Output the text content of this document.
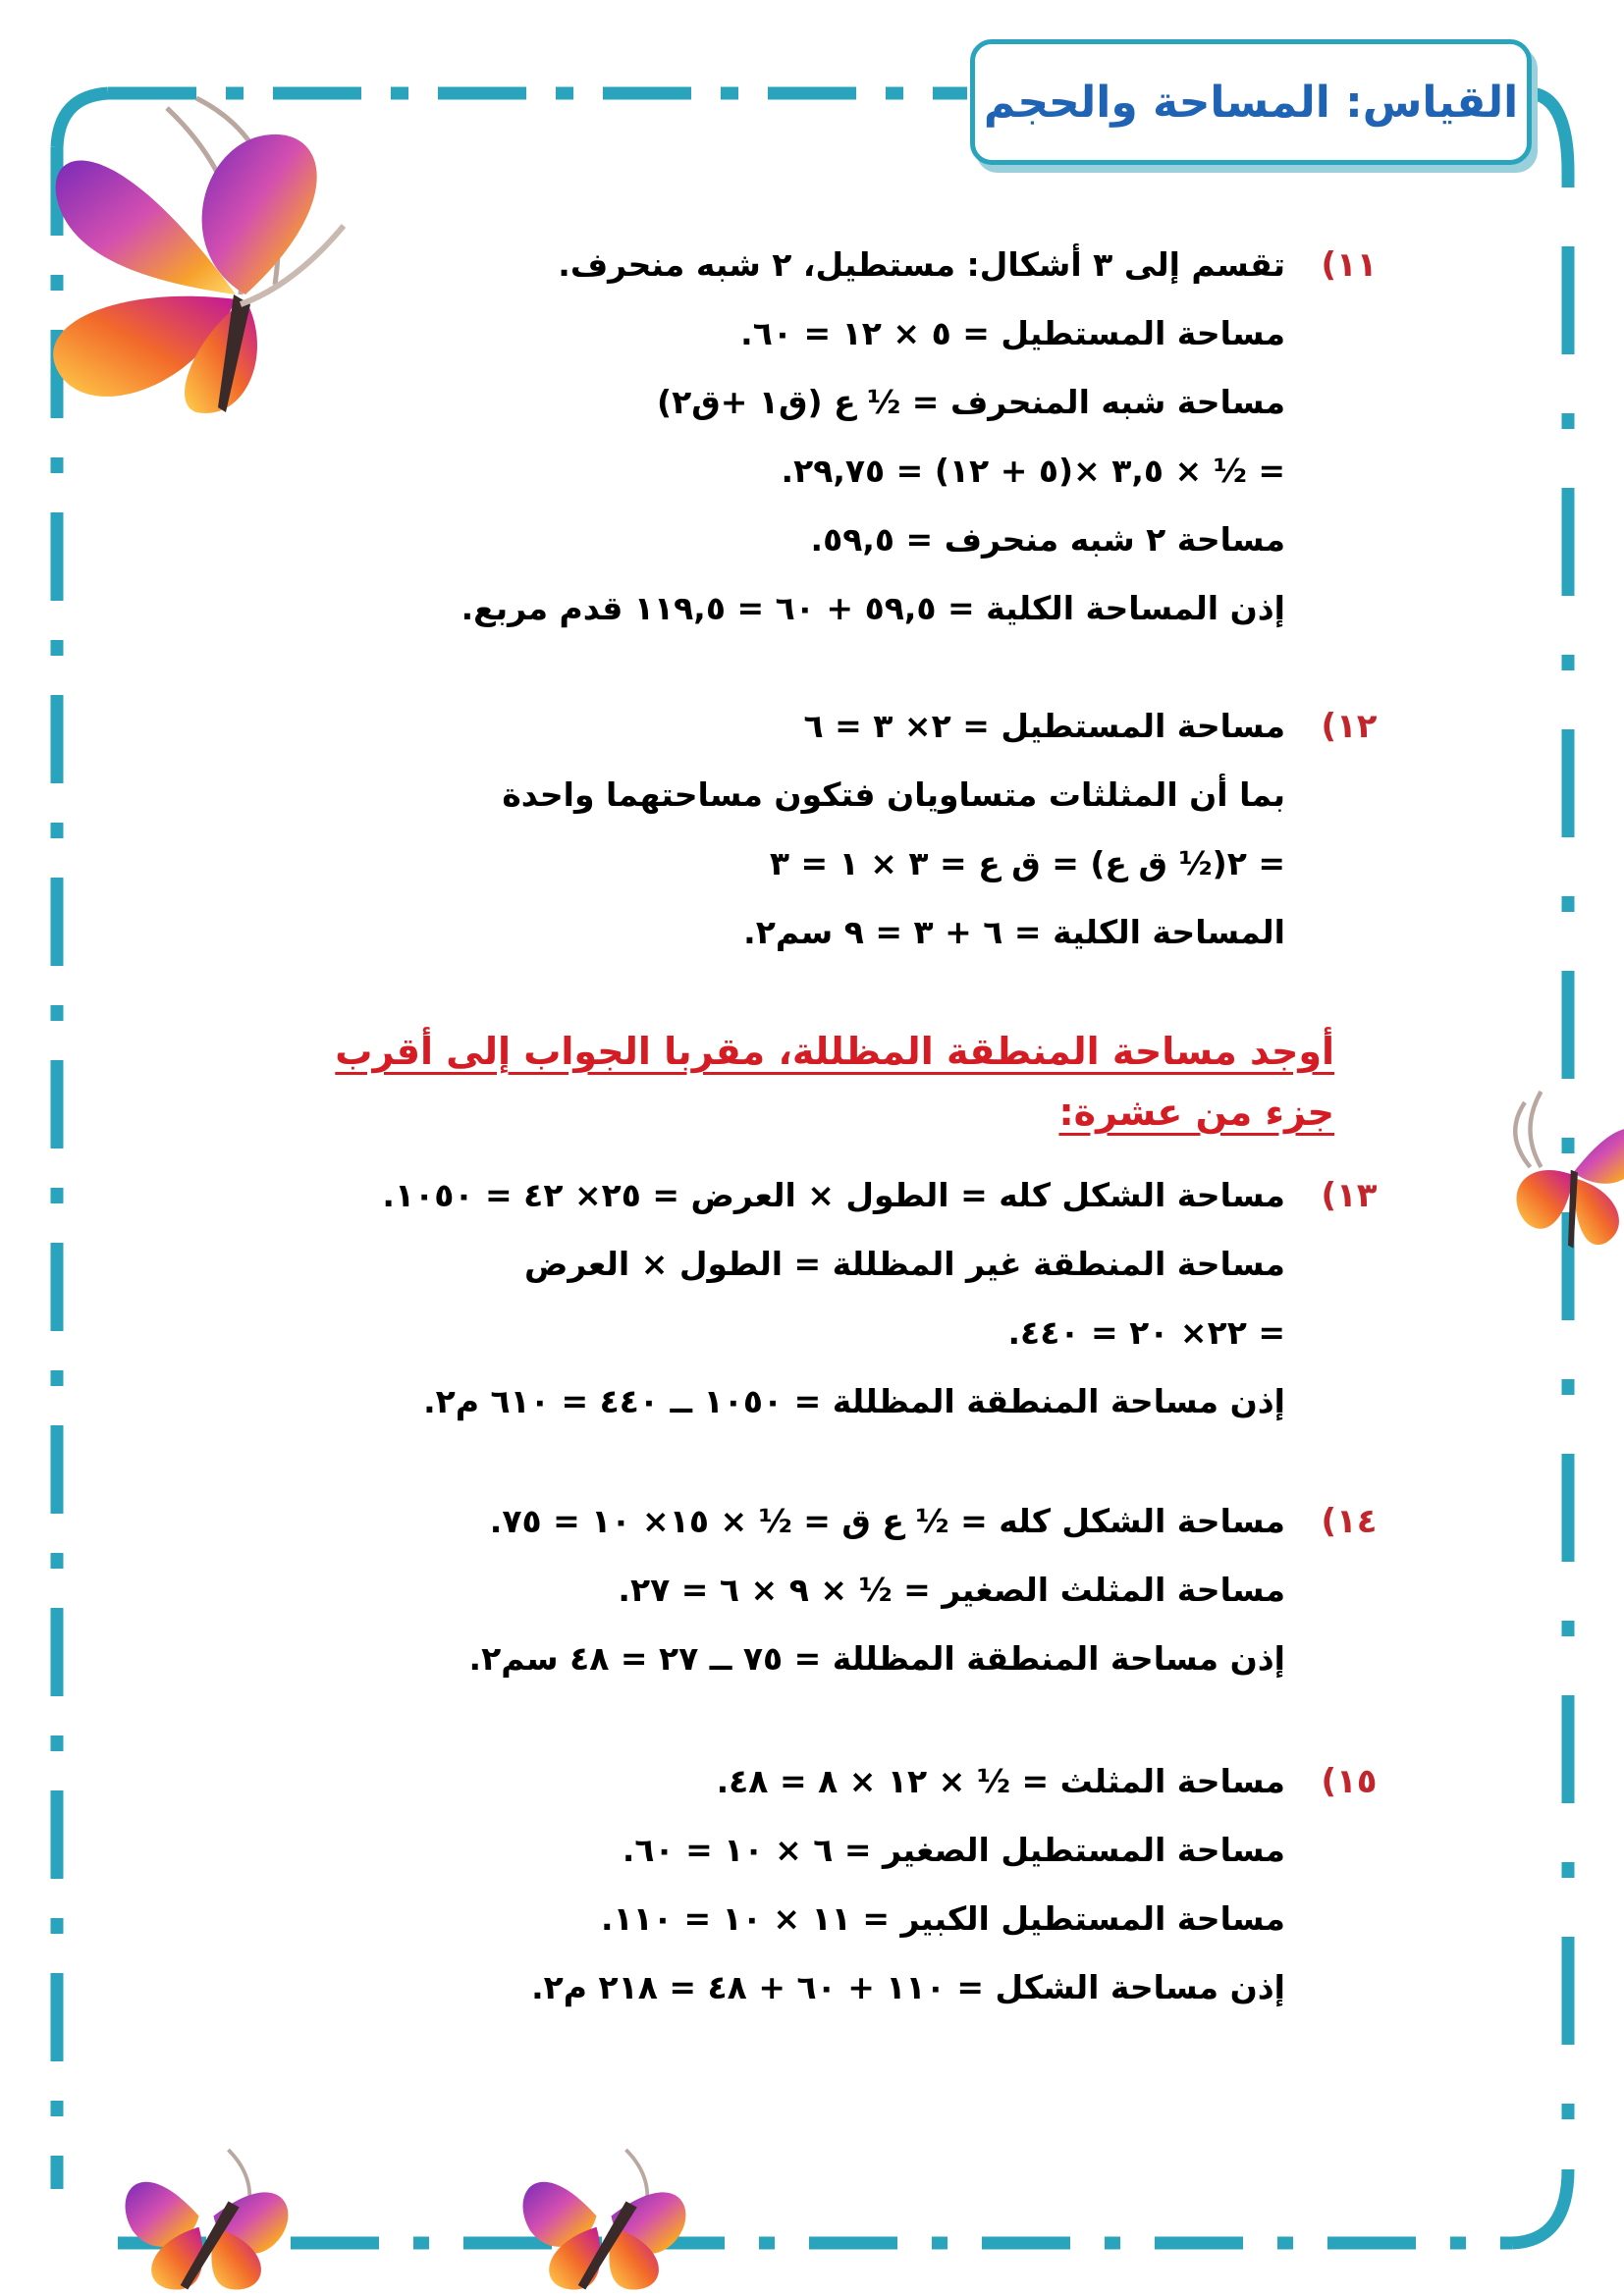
القياس: المساحة والحجم
١١)
تقسم إلى ٣ أشكال: مستطيل، ٢ شبه منحرف.
مساحة المستطيل = ٥ × ١٢ = ٦٠.
مساحة شبه المنحرف = ½ ع (ق١ +ق٢)
= ½ × ٣,٥ ×(٥ + ١٢) = ٢٩,٧٥.
مساحة ٢ شبه منحرف = ٥٩,٥.
إذن المساحة الكلية = ٥٩,٥ + ٦٠ = ١١٩,٥ قدم مربع.
١٢)
مساحة المستطيل = ٢× ٣ = ٦
بما أن المثلثات متساويان فتكون مساحتهما واحدة
= ٢(½ ق ع) = ق ع = ٣ × ١ = ٣
المساحة الكلية = ٦ + ٣ = ٩ سم٢.
أوجد مساحة المنطقة المظللة، مقربا الجواب إلى أقرب جزء من عشرة:
١٣)
مساحة الشكل كله = الطول × العرض = ٢٥× ٤٢ = ١٠٥٠.
مساحة المنطقة غير المظللة = الطول × العرض
= ٢٢× ٢٠ = ٤٤٠.
إذن مساحة المنطقة المظللة = ١٠٥٠ ــ ٤٤٠ = ٦١٠ م٢.
١٤)
مساحة الشكل كله = ½ ع ق = ½ × ١٥× ١٠ = ٧٥.
مساحة المثلث الصغير = ½ × ٩ × ٦ = ٢٧.
إذن مساحة المنطقة المظللة = ٧٥ ــ ٢٧ = ٤٨ سم٢.
١٥)
مساحة المثلث = ½ × ١٢ × ٨ = ٤٨.
مساحة المستطيل الصغير = ٦ × ١٠ = ٦٠.
مساحة المستطيل الكبير = ١١ × ١٠ = ١١٠.
إذن مساحة الشكل = ١١٠ + ٦٠ + ٤٨ = ٢١٨ م٢.
